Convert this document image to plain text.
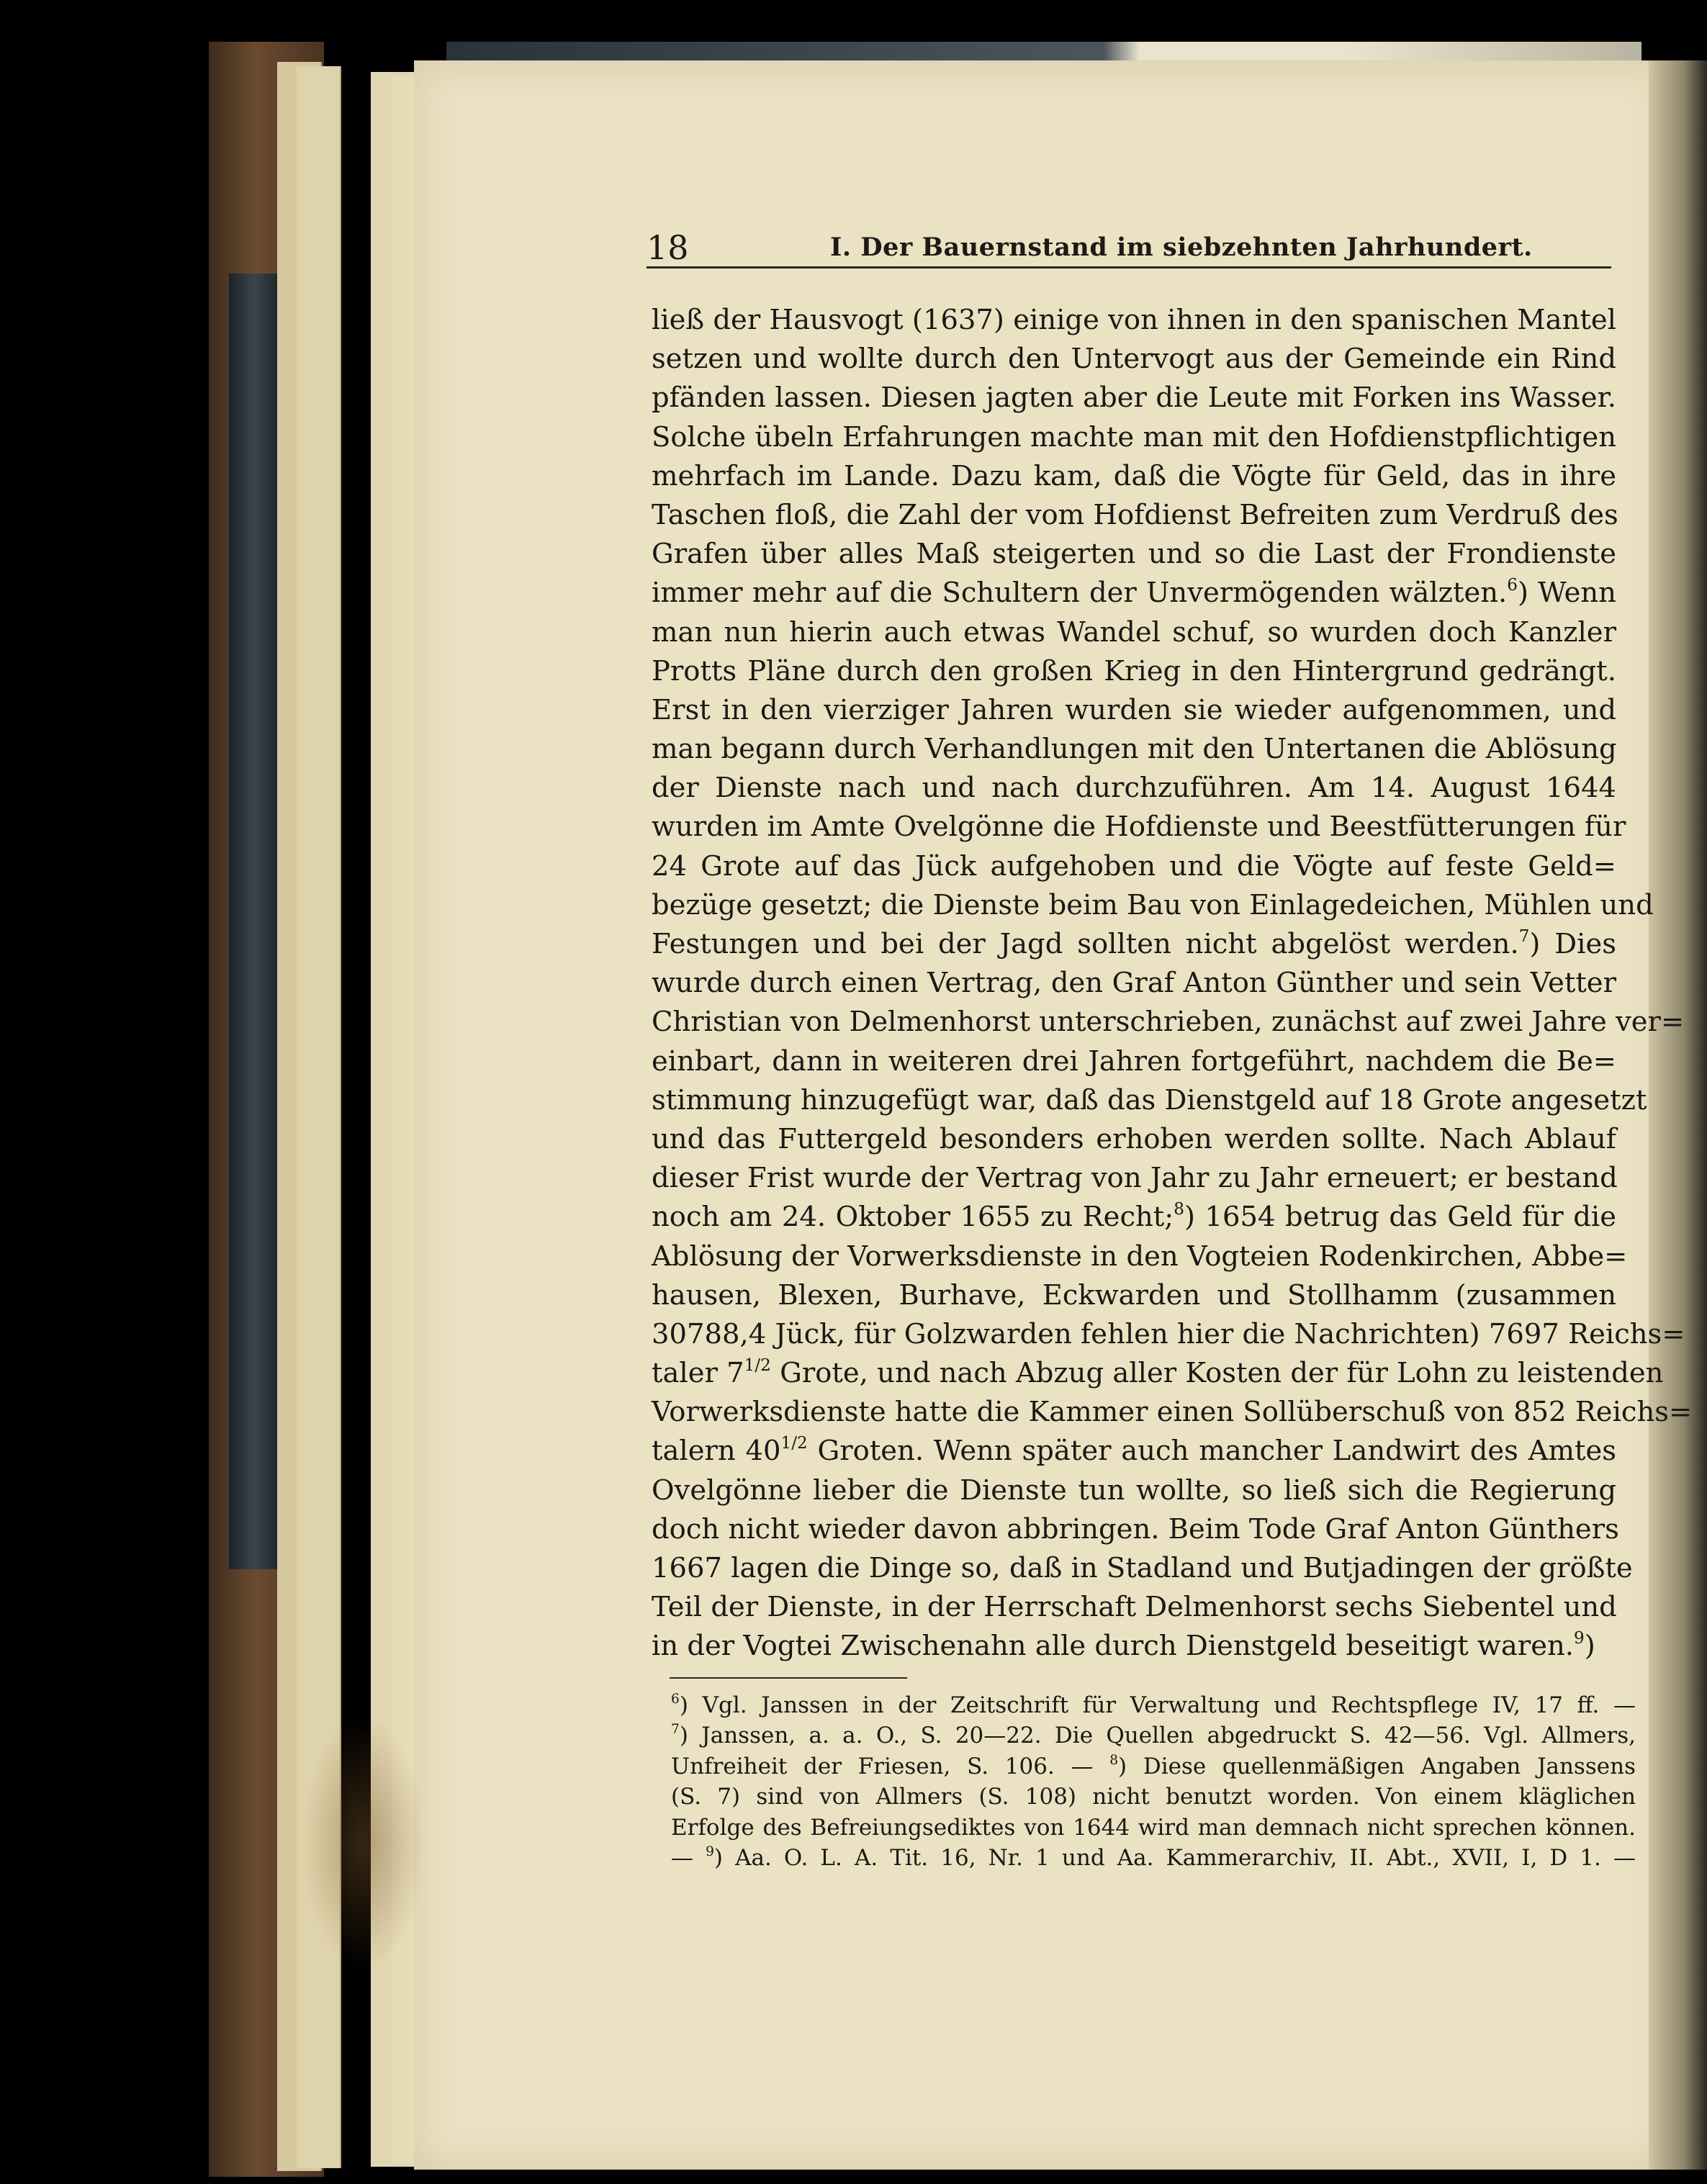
18	I. Der Bauernstand im siebzehnten Jahrhundert.
ließ der Hausvogt (1637) einige von ihnen in den spanischen Mantel
setzen und wollte durch den Untervogt aus der Gemeinde ein Rind
pfänden lassen. Diesen jagten aber die Leute mit Forken ins Wasser.
Solche übeln Erfahrungen machte man mit den Hofdienstpflichtigen
mehrfach im Lande. Dazu kam, daß die Vögte für Geld, das in ihre
Taschen floß, die Zahl der vom Hofdienst Befreiten zum Verdruß des
Grafen über alles Maß steigerten und so die Last der Frondienste
immer mehr auf die Schultern der Unvermögenden wälzten.$^6$) Wenn
man nun hierin auch etwas Wandel schuf, so wurden doch Kanzler
Protts Pläne durch den großen Krieg in den Hintergrund gedrängt.
Erst in den vierziger Jahren wurden sie wieder aufgenommen, und
man begann durch Verhandlungen mit den Untertanen die Ablösung
der Dienste nach und nach durchzuführen. Am 14. August 1644
wurden im Amte Ovelgönne die Hofdienste und Beestfütterungen für
24 Grote auf das Jück aufgehoben und die Vögte auf feste Geld=
bezüge gesetzt; die Dienste beim Bau von Einlagedeichen, Mühlen und
Festungen und bei der Jagd sollten nicht abgelöst werden.$^7$) Dies
wurde durch einen Vertrag, den Graf Anton Günther und sein Vetter
Christian von Delmenhorst unterschrieben, zunächst auf zwei Jahre ver=
einbart, dann in weiteren drei Jahren fortgeführt, nachdem die Be=
stimmung hinzugefügt war, daß das Dienstgeld auf 18 Grote angesetzt
und das Futtergeld besonders erhoben werden sollte. Nach Ablauf
dieser Frist wurde der Vertrag von Jahr zu Jahr erneuert; er bestand
noch am 24. Oktober 1655 zu Recht;$^8$) 1654 betrug das Geld für die
Ablösung der Vorwerksdienste in den Vogteien Rodenkirchen, Abbe=
hausen, Blexen, Burhave, Eckwarden und Stollhamm (zusammen
30788,4 Jück, für Golzwarden fehlen hier die Nachrichten) 7697 Reichs=
taler $7^{1/2}$ Grote, und nach Abzug aller Kosten der für Lohn zu leistenden
Vorwerksdienste hatte die Kammer einen Sollüberschuß von 852 Reichs=
talern $40^{1/2}$ Groten. Wenn später auch mancher Landwirt des Amtes
Ovelgönne lieber die Dienste tun wollte, so ließ sich die Regierung
doch nicht wieder davon abbringen. Beim Tode Graf Anton Günthers
1667 lagen die Dinge so, daß in Stadland und Butjadingen der größte
Teil der Dienste, in der Herrschaft Delmenhorst sechs Siebentel und
in der Vogtei Zwischenahn alle durch Dienstgeld beseitigt waren.$^9$)
$^6$) Vgl. Janssen in der Zeitschrift für Verwaltung und Rechtspflege IV, 17 ff. —
$^7$) Janssen, a. a. O., S. 20—22. Die Quellen abgedruckt S. 42—56. Vgl. Allmers,
Unfreiheit der Friesen, S. 106. — $^8$) Diese quellenmäßigen Angaben Janssens
(S. 7) sind von Allmers (S. 108) nicht benutzt worden. Von einem kläglichen
Erfolge des Befreiungsediktes von 1644 wird man demnach nicht sprechen können.
— $^9$) Aa. O. L. A. Tit. 16, Nr. 1 und Aa. Kammerarchiv, II. Abt., XVII, I, D 1. —
